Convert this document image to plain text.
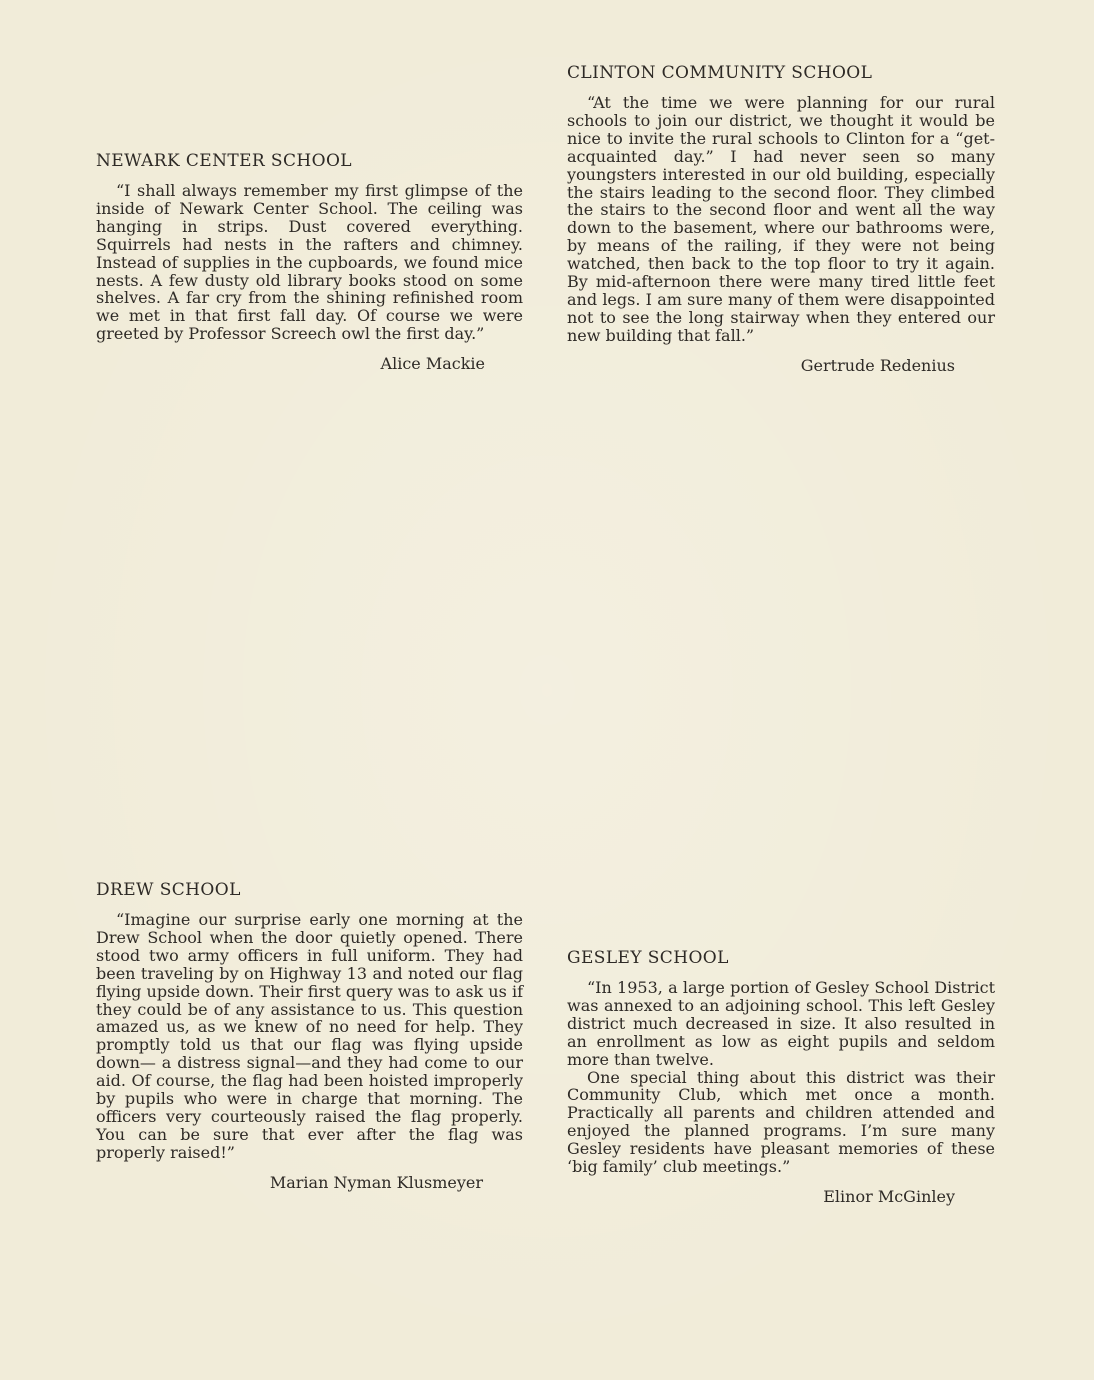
NEWARK CENTER SCHOOL

“I shall always remember my first glimpse of the inside of Newark Center School. The ceiling was hanging in strips. Dust covered everything. Squirrels had nests in the rafters and chimney. Instead of supplies in the cupboards, we found mice nests. A few dusty old library books stood on some shelves. A far cry from the shining refinished room we met in that first fall day. Of course we were greeted by Professor Screech owl the first day.”

Alice Mackie
CLINTON COMMUNITY SCHOOL

“At the time we were planning for our rural schools to join our district, we thought it would be nice to invite the rural schools to Clinton for a “get-acquainted day.” I had never seen so many youngsters interested in our old building, especially the stairs leading to the second floor. They climbed the stairs to the second floor and went all the way down to the basement, where our bathrooms were, by means of the railing, if they were not being watched, then back to the top floor to try it again. By mid-afternoon there were many tired little feet and legs. I am sure many of them were disappointed not to see the long stairway when they entered our new building that fall.”

Gertrude Redenius
DREW SCHOOL

“Imagine our surprise early one morning at the Drew School when the door quietly opened. There stood two army officers in full uniform. They had been traveling by on Highway 13 and noted our flag flying upside down. Their first query was to ask us if they could be of any assistance to us. This question amazed us, as we knew of no need for help. They promptly told us that our flag was flying upside down— a distress signal—and they had come to our aid. Of course, the flag had been hoisted improperly by pupils who were in charge that morning. The officers very courteously raised the flag properly. You can be sure that ever after the flag was properly raised!”

Marian Nyman Klusmeyer
GESLEY SCHOOL

“In 1953, a large portion of Gesley School District was annexed to an adjoining school. This left Gesley district much decreased in size. It also resulted in an enrollment as low as eight pupils and seldom more than twelve.

One special thing about this district was their Community Club, which met once a month. Practically all parents and children attended and enjoyed the planned programs. I’m sure many Gesley residents have pleasant memories of these ‘big family’ club meetings.”

Elinor McGinley
